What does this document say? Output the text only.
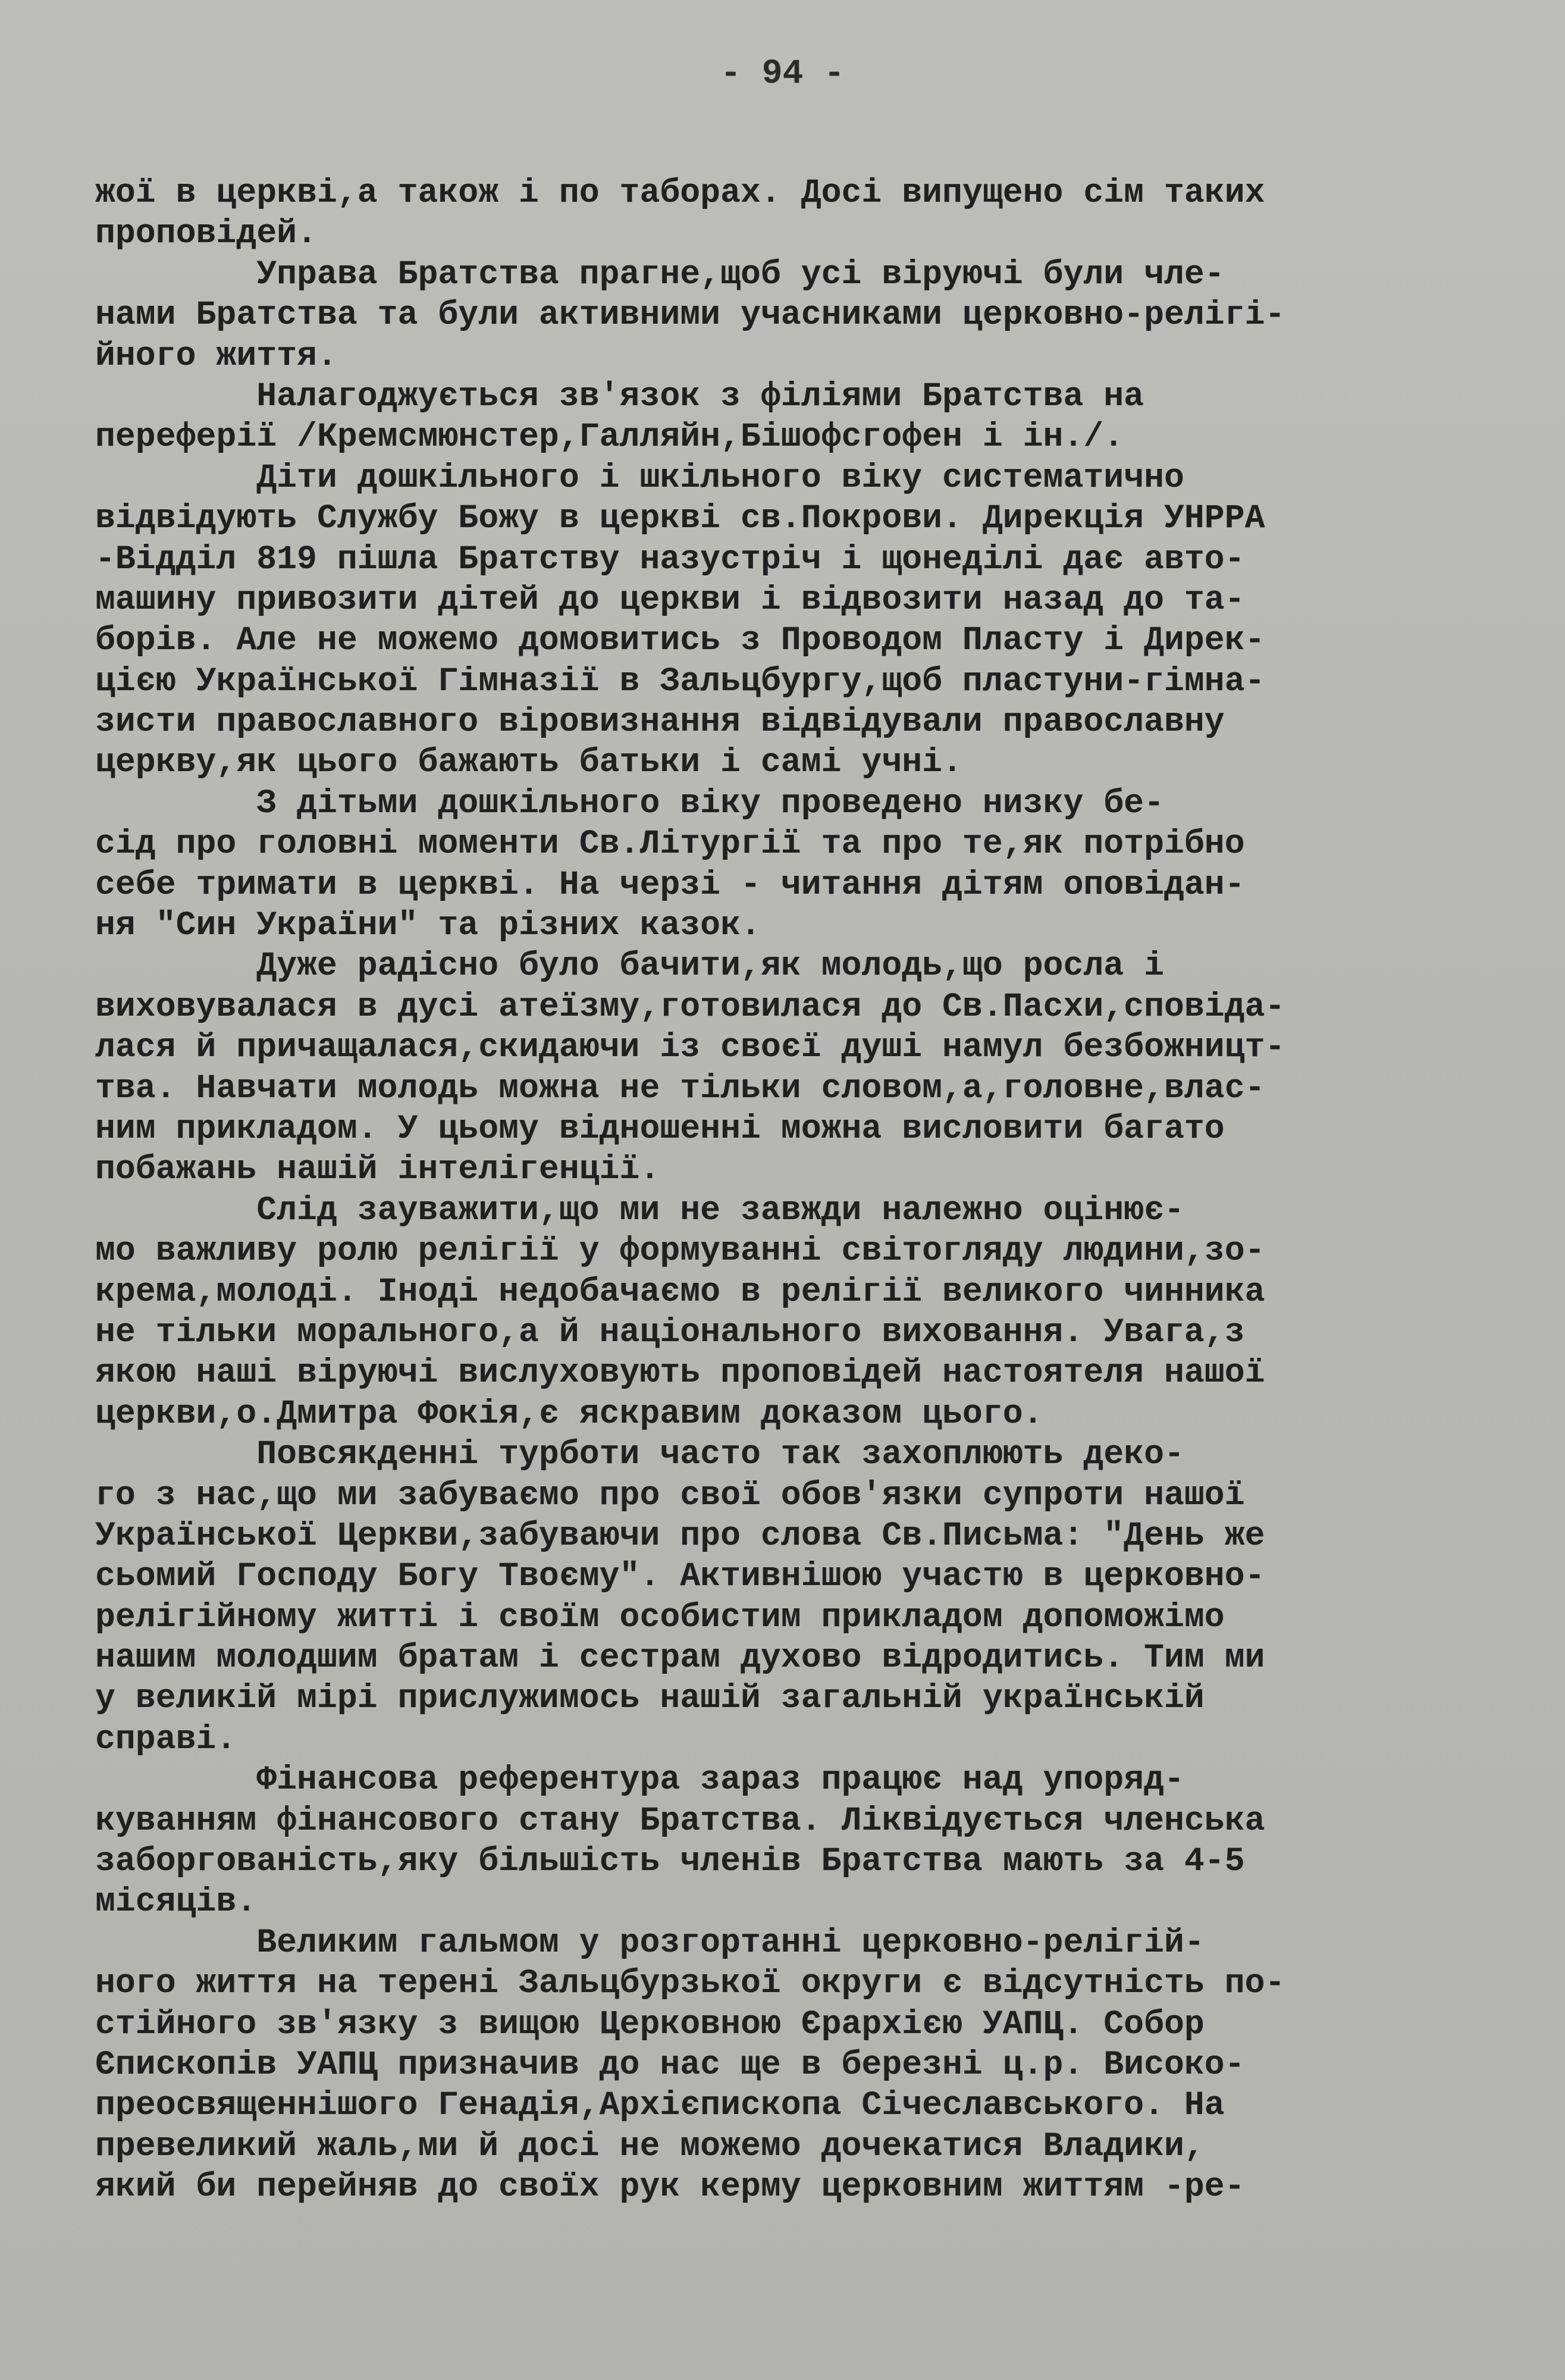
- 94 -
жої в церкві,а також і по таборах. Досі випущено сім таких
проповідей.
Управа Братства прагне,щоб усі віруючі були чле-
нами Братства та були активними учасниками церковно-релігі-
йного життя.
Налагоджується зв'язок з філіями Братства на
переферії /Кремсмюнстер,Галляйн,Бішофсгофен і ін./.
Діти дошкільного і шкільного віку систематично
відвідують Службу Божу в церкві св.Покрови. Дирекція УНРРА
-Відділ 819 пішла Братству назустріч і щонеділі дає авто-
машину привозити дітей до церкви і відвозити назад до та-
борів. Але не можемо домовитись з Проводом Пласту і Дирек-
цією Української Гімназії в Зальцбургу,щоб пластуни-гімна-
зисти православного віровизнання відвідували православну
церкву,як цього бажають батьки і самі учні.
З дітьми дошкільного віку проведено низку бе-
сід про головні моменти Св.Літургії та про те,як потрібно
себе тримати в церкві. На черзі - читання дітям оповідан-
ня "Син України" та різних казок.
Дуже радісно було бачити,як молодь,що росла і
виховувалася в дусі атеїзму,готовилася до Св.Пасхи,сповіда-
лася й причащалася,скидаючи із своєї душі намул безбожницт-
тва. Навчати молодь можна не тільки словом,а,головне,влас-
ним прикладом. У цьому відношенні можна висловити багато
побажань нашій інтелігенції.
Слід зауважити,що ми не завжди належно оцінює-
мо важливу ролю релігії у формуванні світогляду людини,зо-
крема,молоді. Іноді недобачаємо в релігії великого чинника
не тільки морального,а й національного виховання. Увага,з
якою наші віруючі вислуховують проповідей настоятеля нашої
церкви,о.Дмитра Фокія,є яскравим доказом цього.
Повсякденні турботи часто так захоплюють деко-
го з нас,що ми забуваємо про свої обов'язки супроти нашої
Української Церкви,забуваючи про слова Св.Письма: "День же
сьомий Господу Богу Твоєму". Активнішою участю в церковно-
релігійному житті і своїм особистим прикладом допоможімо
нашим молодшим братам і сестрам духово відродитись. Тим ми
у великій мірі прислужимось нашій загальній українській
справі.
Фінансова референтура зараз працює над упоряд-
куванням фінансового стану Братства. Ліквідується членська
заборгованість,яку більшість членів Братства мають за 4-5
місяців.
Великим гальмом у розгортанні церковно-релігій-
ного життя на терені Зальцбурзької округи є відсутність по-
стійного зв'язку з вищою Церковною Єрархією УАПЦ. Собор
Єпископів УАПЦ призначив до нас ще в березні ц.р. Високо-
преосвященнішого Генадія,Архієпископа Січеславського. На
превеликий жаль,ми й досі не можемо дочекатися Владики,
який би перейняв до своїх рук керму церковним життям -ре-
